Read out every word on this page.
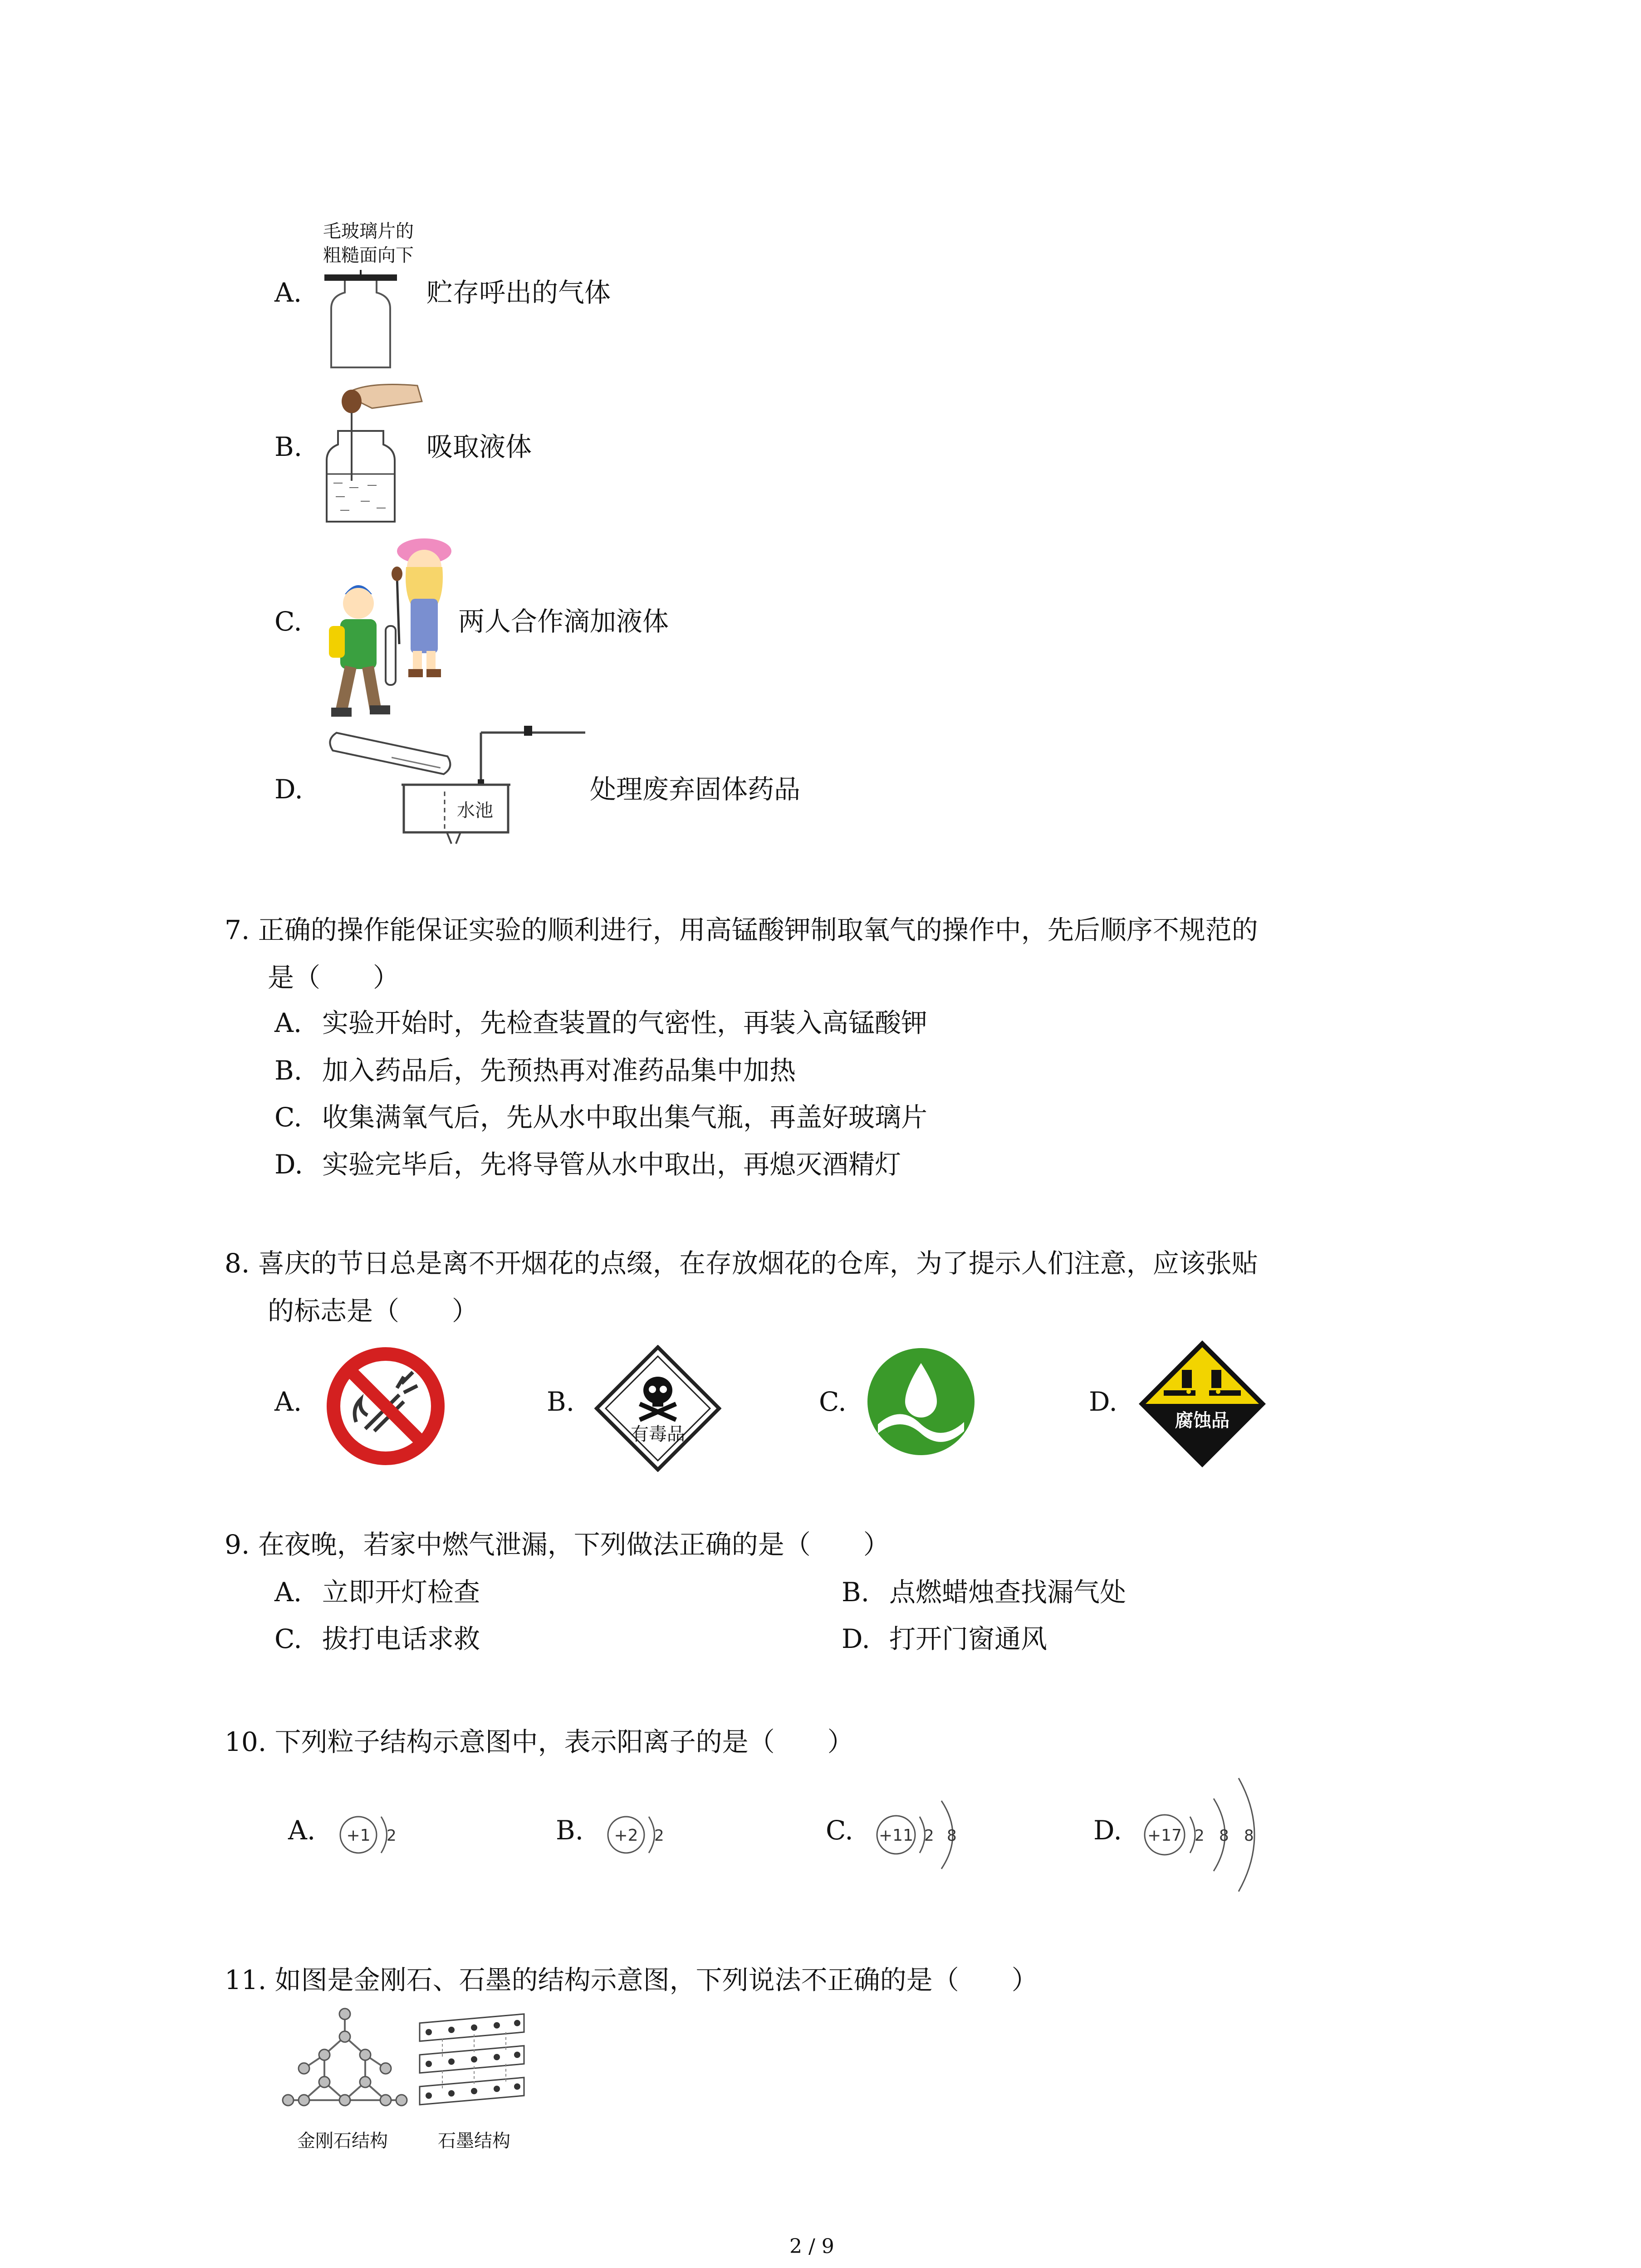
毛玻璃片的
粗糙面向下
A.	贮存呼出的气体
B.	吸取液体
C.	两人合作滴加液体
D.
水池
处理废弃固体药品
7. 正确的操作能保证实验的顺利进行，用高锰酸钾制取氧气的操作中，先后顺序不规范的
是（　　）
A. 实验开始时，先检查装置的气密性，再装入高锰酸钾
B. 加入药品后，先预热再对准药品集中加热
C. 收集满氧气后，先从水中取出集气瓶，再盖好玻璃片
D. 实验完毕后，先将导管从水中取出，再熄灭酒精灯
8. 喜庆的节日总是离不开烟花的点缀，在存放烟花的仓库，为了提示人们注意，应该张贴
的标志是（　　）
A.	B.
有毒品
C.	D.
腐蚀品
9. 在夜晚，若家中燃气泄漏，下列做法正确的是（　　）
A. 立即开灯检查	B. 点燃蜡烛查找漏气处
C. 拔打电话求救	D. 打开门窗通风
10. 下列粒子结构示意图中，表示阳离子的是（　　）
A. +1 2	B. +2 2	C. +11 2 8	D. +17 2 8 8
11. 如图是金刚石、石墨的结构示意图，下列说法不正确的是（　　）
金刚石结构	石墨结构
2 / 9
